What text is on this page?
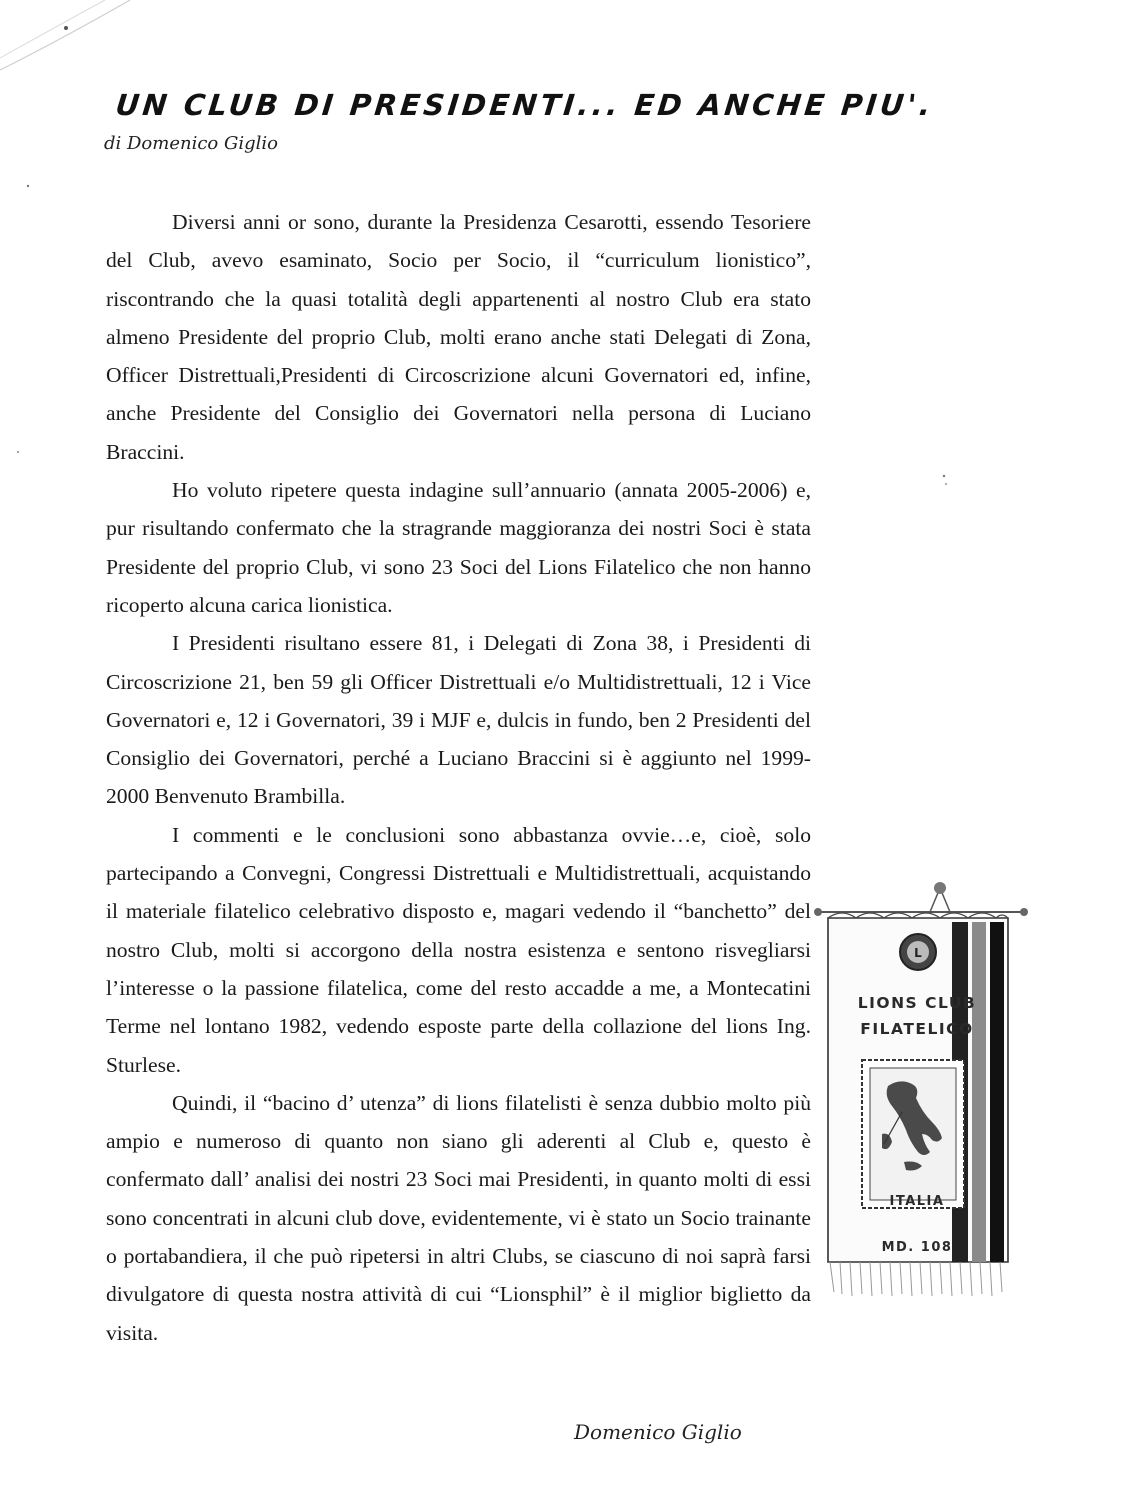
UN CLUB DI PRESIDENTI... ED ANCHE PIU'.
di Domenico Giglio

Diversi anni or sono, durante la Presidenza Cesarotti, essendo Tesoriere del Club, avevo esaminato, Socio per Socio, il “curriculum lionistico”, riscontrando che la quasi totalità degli appartenenti al nostro Club era stato almeno Presidente del proprio Club, molti erano anche stati Delegati di Zona, Officer Distrettuali,Presidenti di Circoscrizione alcuni Governatori ed, infine, anche Presidente del Consiglio dei Governatori nella persona di Luciano Braccini.

Ho voluto ripetere questa indagine sull’annuario (annata 2005-2006) e, pur risultando confermato che la stragrande maggioranza dei nostri Soci è stata Presidente del proprio Club, vi sono 23 Soci del Lions Filatelico che non hanno ricoperto alcuna carica lionistica.

I Presidenti risultano essere 81, i Delegati di Zona 38, i Presidenti di Circoscrizione 21, ben 59 gli Officer Distrettuali e/o Multidistrettuali, 12 i Vice Governatori e, 12 i Governatori, 39 i MJF e, dulcis in fundo, ben 2 Presidenti del Consiglio dei Governatori, perché a Luciano Braccini si è aggiunto nel 1999-2000 Benvenuto Brambilla.

I commenti e le conclusioni sono abbastanza ovvie…e, cioè, solo partecipando a Convegni, Congressi Distrettuali e Multidistrettuali, acquistando il materiale filatelico celebrativo disposto e, magari vedendo il “banchetto” del nostro Club, molti si accorgono della nostra esistenza e sentono risvegliarsi l’interesse o la passione filatelica, come del resto accadde a me, a Montecatini Terme nel lontano 1982, vedendo esposte parte della collazione del lions Ing. Sturlese.

Quindi, il “bacino d’ utenza” di lions filatelisti è senza dubbio molto più ampio e numeroso di quanto non siano gli aderenti al Club e, questo è confermato dall’ analisi dei nostri 23 Soci mai Presidenti, in quanto molti di essi sono concentrati in alcuni club dove, evidentemente, vi è stato un Socio trainante o portabandiera, il che può ripetersi in altri Clubs, se ciascuno di noi saprà farsi divulgatore di questa nostra attività di cui “Lionsphil” è il miglior biglietto da visita.

L
LIONS CLUB
FILATELICO
ITALIA
MD. 108
Domenico Giglio
